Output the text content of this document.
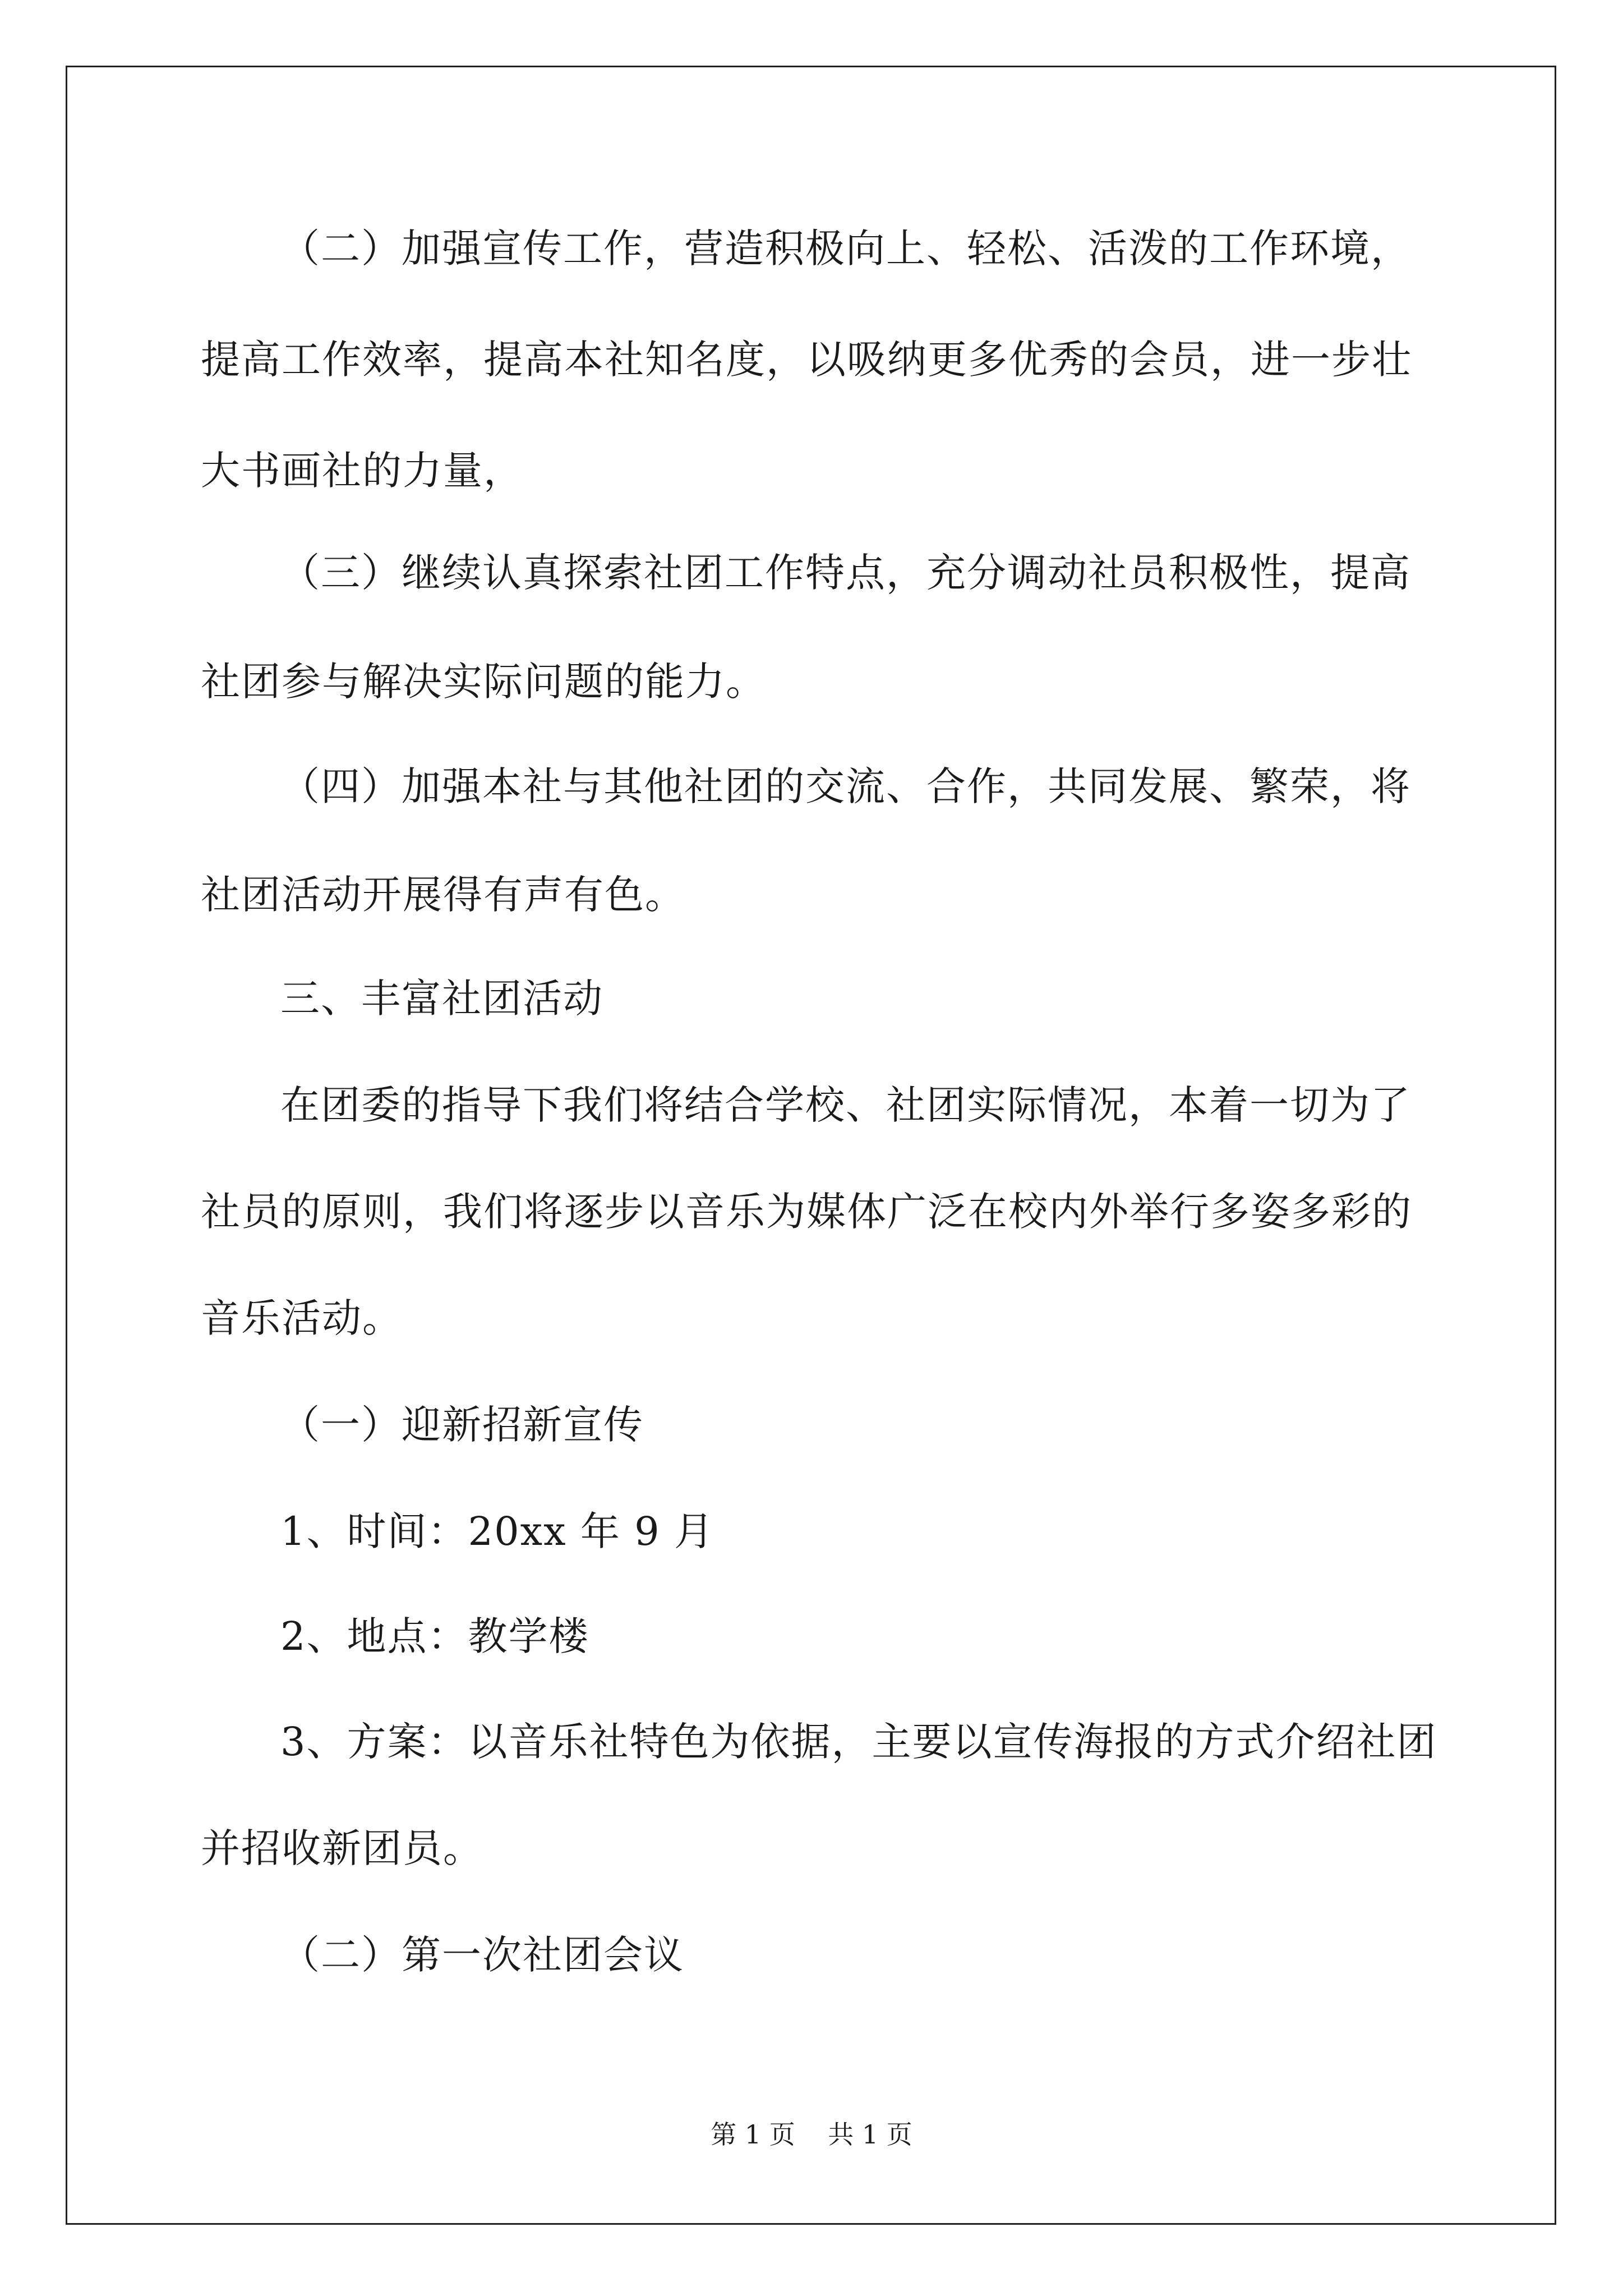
（二）加强宣传工作，营造积极向上、轻松、活泼的工作环境，
提高工作效率，提高本社知名度，以吸纳更多优秀的会员，进一步壮
大书画社的力量，
（三）继续认真探索社团工作特点，充分调动社员积极性，提高
社团参与解决实际问题的能力。
（四）加强本社与其他社团的交流、合作，共同发展、繁荣，将
社团活动开展得有声有色。
三、丰富社团活动
在团委的指导下我们将结合学校、社团实际情况，本着一切为了
社员的原则，我们将逐步以音乐为媒体广泛在校内外举行多姿多彩的
音乐活动。
（一）迎新招新宣传
1、时间：20xx 年 9 月
2、地点：教学楼
3、方案：以音乐社特色为依据，主要以宣传海报的方式介绍社团
并招收新团员。
（二）第一次社团会议
第 1 页    共 1 页
